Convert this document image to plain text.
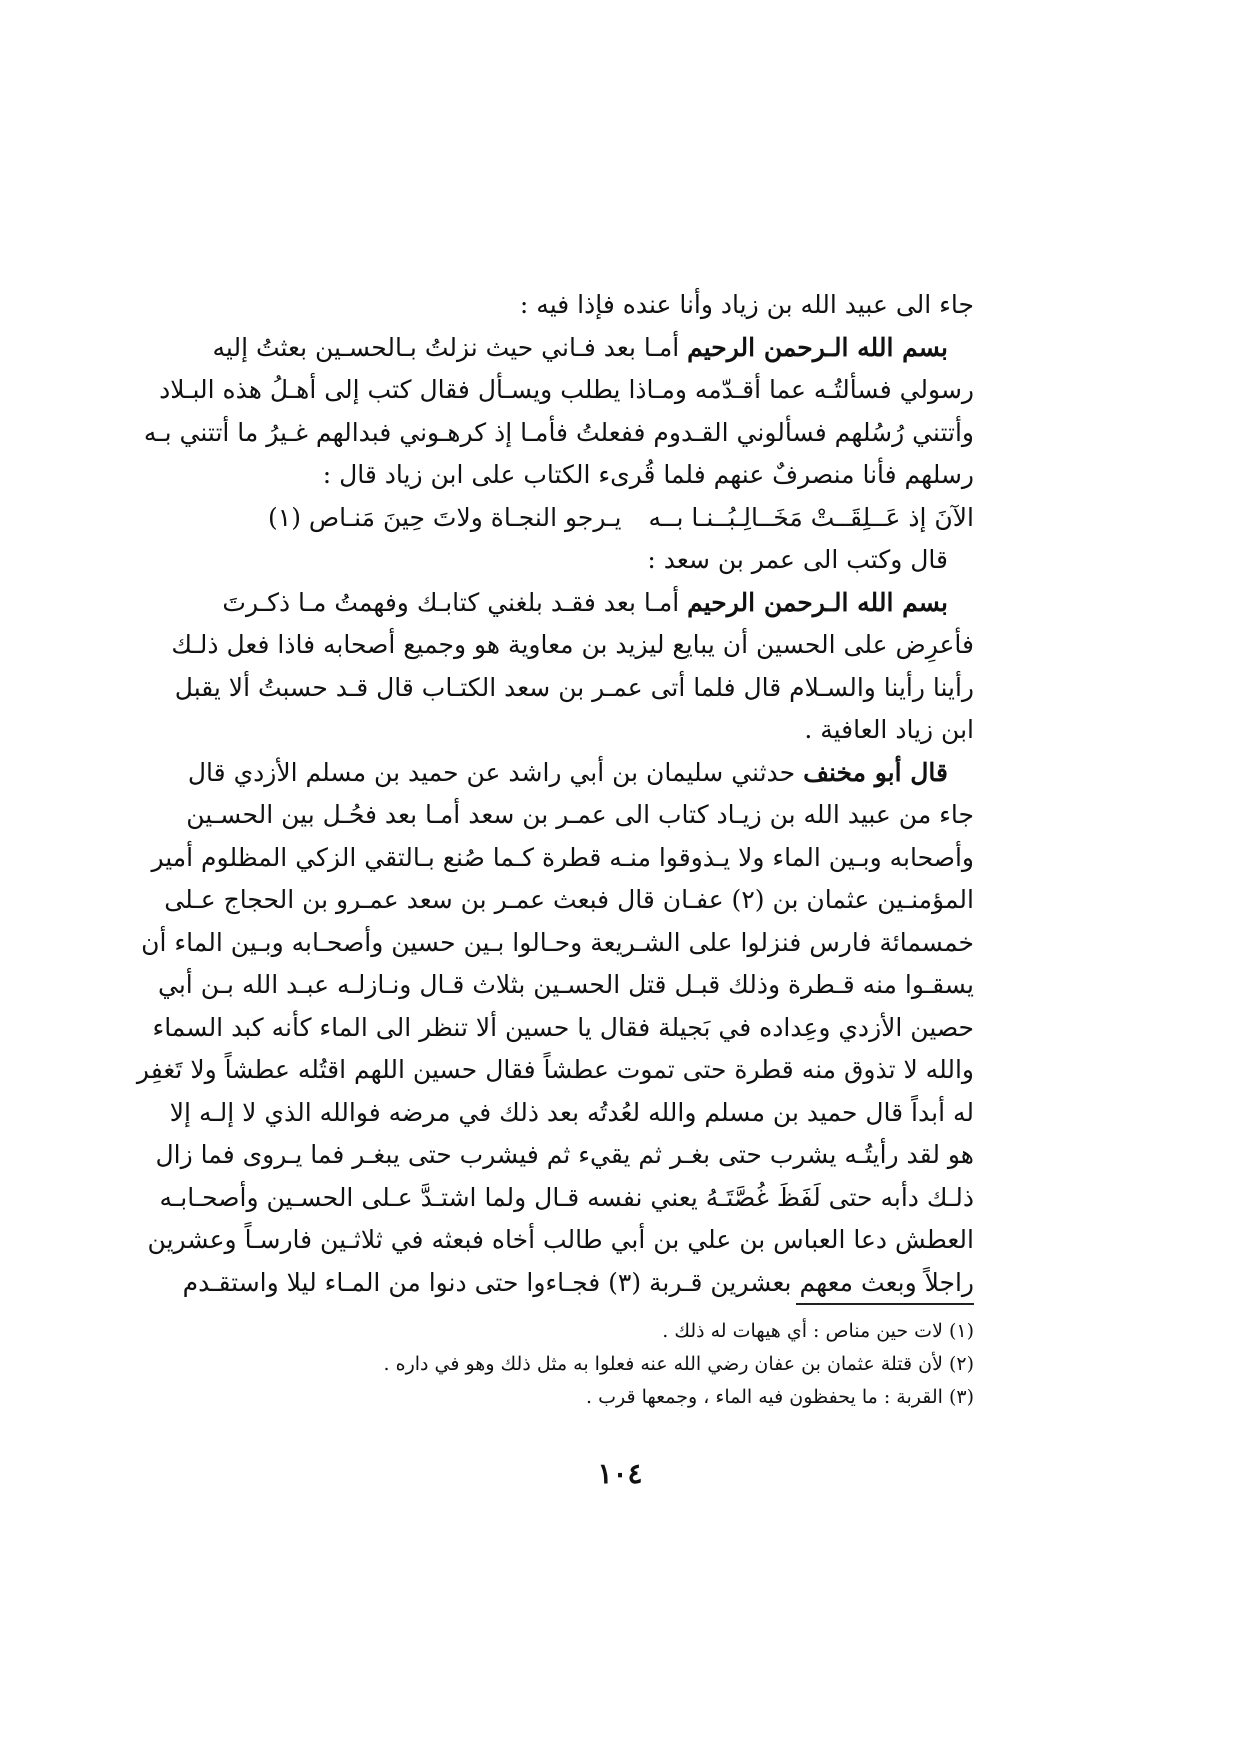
جاء الى عبيد الله بن زياد وأنا عنده فإذا فيه :
بسم الله الـرحمن الرحيم أمـا بعد فـاني حيث نزلتُ بـالحسـين بعثتُ إليه
رسولي فسألتُـه عما أقـدّمه ومـاذا يطلب ويسـأل فقال كتب إلى أهـلُ هذه البـلاد
وأتتني رُسُلهم فسألوني القـدوم ففعلتُ فأمـا إذ كرهـوني فبدالهم غـيرُ ما أتتني بـه
رسلهم فأنا منصرفٌ عنهم فلما قُرىء الكتاب على ابن زياد قال :
الآنَ إذ عَــلِقَــتْ مَخَــالِـبُــنـا بــه
يـرجو النجـاة ولاتَ حِينَ مَنـاص (١)
قال وكتب الى عمر بن سعد :
بسم الله الـرحمن الرحيم أمـا بعد فقـد بلغني كتابـك وفهمتُ مـا ذكـرتَ
فأعرِض على الحسين أن يبايع ليزيد بن معاوية هو وجميع أصحابه فاذا فعل ذلـك
رأينا رأينا والسـلام قال فلما أتى عمـر بن سعد الكتـاب قال قـد حسبتُ ألا يقبل
ابن زياد العافية .
قال أبو مخنف حدثني سليمان بن أبي راشد عن حميد بن مسلم الأزدي قال
جاء من عبيد الله بن زيـاد كتاب الى عمـر بن سعد أمـا بعد فحُـل بين الحسـين
وأصحابه وبـين الماء ولا يـذوقوا منـه قطرة كـما صُنع بـالتقي الزكي المظلوم أمير
المؤمنـين عثمان بن (٢) عفـان قال فبعث عمـر بن سعد عمـرو بن الحجاج عـلى
خمسمائة فارس فنزلوا على الشـريعة وحـالوا بـين حسين وأصحـابه وبـين الماء أن
يسقـوا منه قـطرة وذلك قبـل قتل الحسـين بثلاث قـال ونـازلـه عبـد الله بـن أبي
حصين الأزدي وعِداده في بَجيلة فقال يا حسين ألا تنظر الى الماء كأنه كبد السماء
والله لا تذوق منه قطرة حتى تموت عطشاً فقال حسين اللهم اقتُله عطشاً ولا تَغفِر
له أبداً قال حميد بن مسلم والله لعُدتُه بعد ذلك في مرضه فوالله الذي لا إلـه إلا
هو لقد رأيتُـه يشرب حتى بغـر ثم يقيء ثم فيشرب حتى يبغـر فما يـروى فما زال
ذلـك دأبه حتى لَفَظَ غُصَّتَـهُ يعني نفسه قـال ولما اشتـدَّ عـلى الحسـين وأصحـابـه
العطش دعا العباس بن علي بن أبي طالب أخاه فبعثه في ثلاثـين فارسـاً وعشرين
راجلاً وبعث معهم بعشرين قـربة (٣) فجـاءوا حتى دنوا من المـاء ليلا واستقـدم
(١) لات حين مناص : أي هيهات له ذلك .
(٢) لأن قتلة عثمان بن عفان رضي الله عنه فعلوا به مثل ذلك وهو في داره .
(٣) القربة : ما يحفظون فيه الماء ، وجمعها قرب .
١٠٤
